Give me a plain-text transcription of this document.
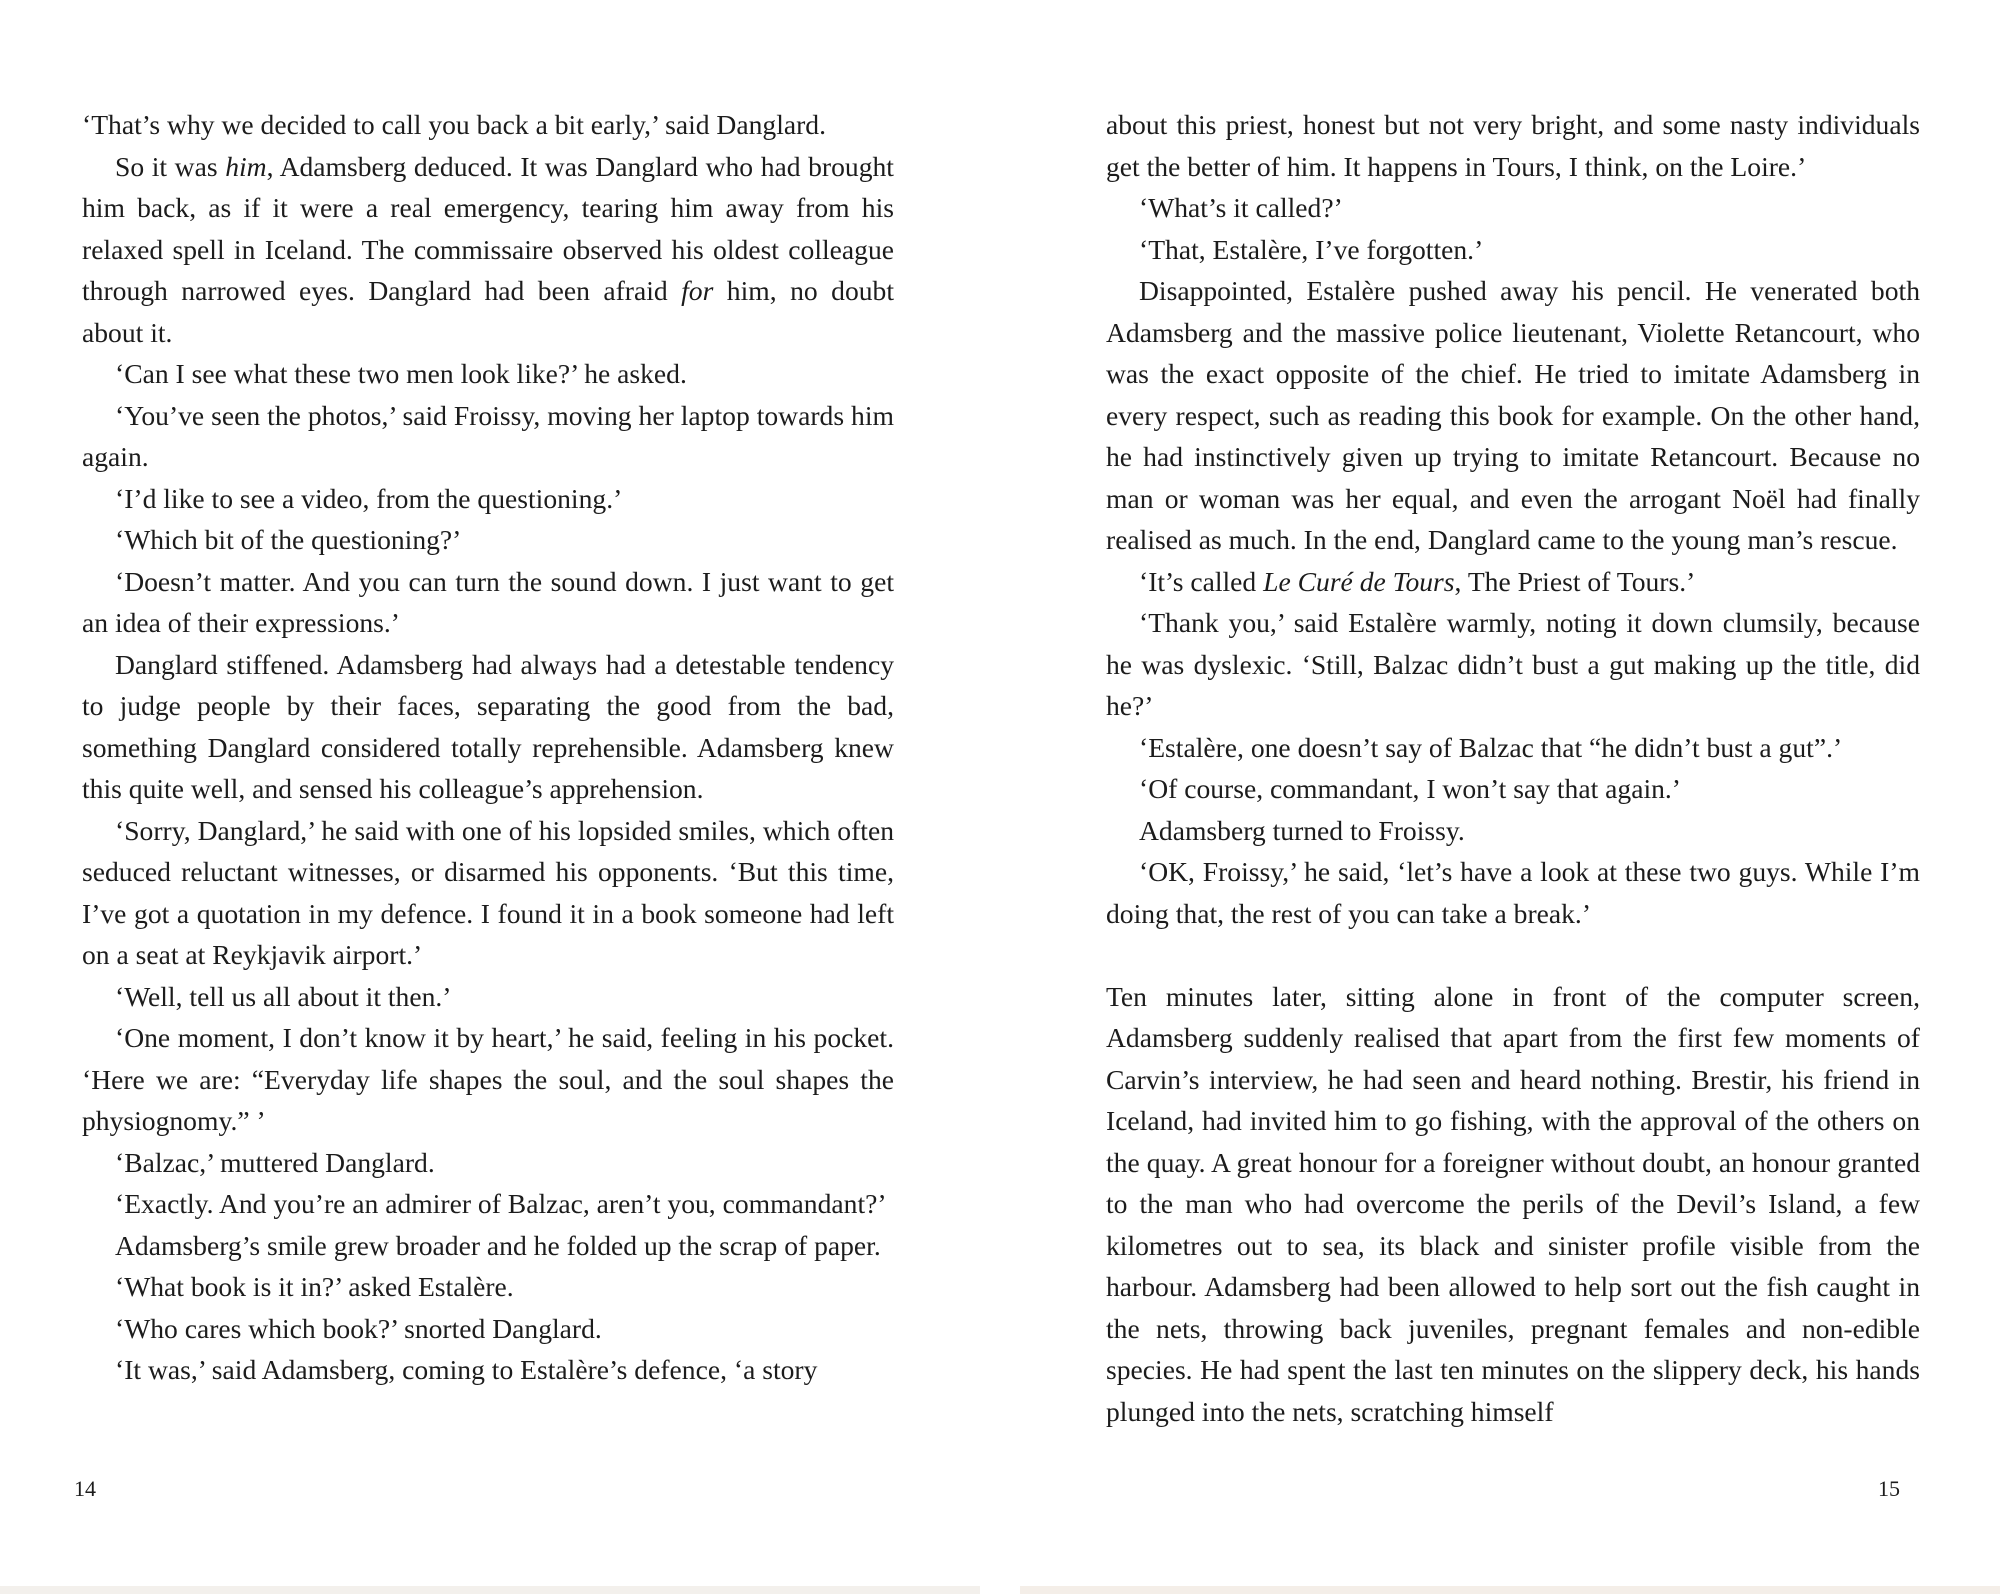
‘That’s why we decided to call you back a bit early,’ said Danglard.

So it was him, Adamsberg deduced. It was Danglard who had brought him back, as if it were a real emergency, tearing him away from his relaxed spell in Iceland. The commissaire observed his oldest colleague through narrowed eyes. Danglard had been afraid for him, no doubt about it.

‘Can I see what these two men look like?’ he asked.

‘You’ve seen the photos,’ said Froissy, moving her laptop towards him again.

‘I’d like to see a video, from the questioning.’

‘Which bit of the questioning?’

‘Doesn’t matter. And you can turn the sound down. I just want to get an idea of their expressions.’

Danglard stiffened. Adamsberg had always had a detestable tendency to judge people by their faces, separating the good from the bad, something Danglard considered totally reprehensible. Adamsberg knew this quite well, and sensed his colleague’s apprehension.

‘Sorry, Danglard,’ he said with one of his lopsided smiles, which often seduced reluctant witnesses, or disarmed his opponents. ‘But this time, I’ve got a quotation in my defence. I found it in a book someone had left on a seat at Reykjavik airport.’

‘Well, tell us all about it then.’

‘One moment, I don’t know it by heart,’ he said, feeling in his pocket. ‘Here we are: “Everyday life shapes the soul, and the soul shapes the physiognomy.” ’

‘Balzac,’ muttered Danglard.

‘Exactly. And you’re an admirer of Balzac, aren’t you, commandant?’

Adamsberg’s smile grew broader and he folded up the scrap of paper.

‘What book is it in?’ asked Estalère.

‘Who cares which book?’ snorted Danglard.

‘It was,’ said Adamsberg, coming to Estalère’s defence, ‘a story

14

about this priest, honest but not very bright, and some nasty individuals get the better of him. It happens in Tours, I think, on the Loire.’

‘What’s it called?’

‘That, Estalère, I’ve forgotten.’

Disappointed, Estalère pushed away his pencil. He venerated both Adamsberg and the massive police lieutenant, Violette Retancourt, who was the exact opposite of the chief. He tried to imitate Adamsberg in every respect, such as reading this book for example. On the other hand, he had instinctively given up trying to imitate Retancourt. Because no man or woman was her equal, and even the arrogant Noël had finally realised as much. In the end, Danglard came to the young man’s rescue.

‘It’s called Le Curé de Tours, The Priest of Tours.’

‘Thank you,’ said Estalère warmly, noting it down clumsily, because he was dyslexic. ‘Still, Balzac didn’t bust a gut making up the title, did he?’

‘Estalère, one doesn’t say of Balzac that “he didn’t bust a gut”.’

‘Of course, commandant, I won’t say that again.’

Adamsberg turned to Froissy.

‘OK, Froissy,’ he said, ‘let’s have a look at these two guys. While I’m doing that, the rest of you can take a break.’

Ten minutes later, sitting alone in front of the computer screen, Adamsberg suddenly realised that apart from the first few moments of Carvin’s interview, he had seen and heard nothing. Brestir, his friend in Iceland, had invited him to go fishing, with the approval of the others on the quay. A great honour for a foreigner without doubt, an honour granted to the man who had overcome the perils of the Devil’s Island, a few kilometres out to sea, its black and sinister profile visible from the harbour. Adamsberg had been allowed to help sort out the fish caught in the nets, throwing back juveniles, pregnant females and non-edible species. He had spent the last ten minutes on the slippery deck, his hands plunged into the nets, scratching himself

15
